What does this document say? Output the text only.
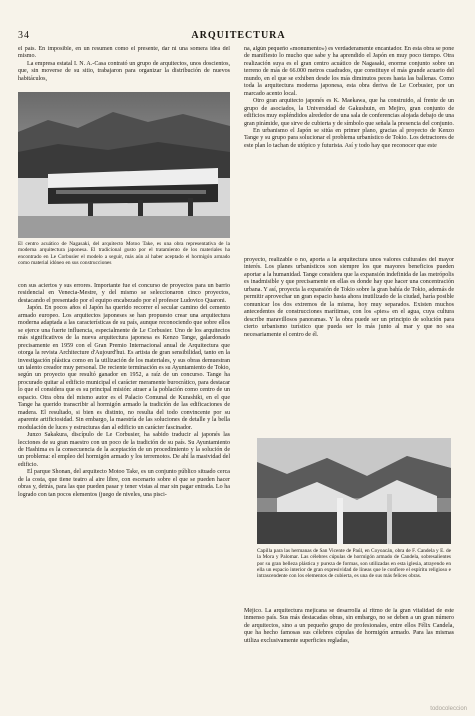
34	ARQUITECTURA

el país. En imposible, en un resumen como el presente, dar ni una somera idea del mismo.

La empresa estatal I. N. A.-Casa contrató un grupo de arquitectos, unos doscientos, que, sin moverse de su sitio, trabajaron para organizar la distribución de nuevos habitáculos,

El centro acuático de Nagasaki, del arquitecto Motoo Take, es una obra representativa de la moderna arquitectura japonesa. El tradicional gusto por el tratamiento de los materiales ha encontrado en Le Corbusier el modelo a seguir, más aún al haber aceptado el hormigón armado como material idóneo en sus construcciones

con sus aciertos y sus errores. Importante fue el concurso de proyectos para un barrio residencial en Venecia-Mestre, y del mismo se seleccionaron cinco proyectos, destacando el presentado por el equipo encabezado por el profesor Ludovico Quaroni.

Japón. En pocos años el Japón ha querido recorrer el secular camino del cemento armado europeo. Los arquitectos japoneses se han propuesto crear una arquitectura moderna adaptada a las características de su país, aunque reconociendo que sobre ellos se ejerce una fuerte influencia, especialmente de Le Corbusier. Uno de los arquitectos más significativos de la nueva arquitectura japonesa es Kenzo Tange, galardonado precisamente en 1959 con el Gran Premio Internacional anual de Arquitectura que otorga la revista Architecture d'Aujourd'hui. Es artista de gran sensibilidad, tanto en la investigación plástica como en la utilización de los materiales, y sus obras demuestran un talento creador muy personal. De reciente terminación es su Ayuntamiento de Tokio, según un proyecto que resultó ganador en 1952, a raíz de un concurso. Tange ha procurado quitar al edificio municipal el carácter meramente burocrático, para destacar lo que el considera que es su principal misión: atraer a la población como centro de un espacio. Otra obra del mismo autor es el Palacio Comunal de Kurashiki, en el que Tange ha querido transcribir al hormigón armado la tradición de las edificaciones de madera. El resultado, si bien es distinto, no resulta del todo convincente por su aparente artificiosidad. Sin embargo, la maestría de las soluciones de detalle y la bella modulación de luces y estructuras dan al edificio un carácter fascinador.

Junzo Sakakura, discípulo de Le Corbusier, ha sabido traducir al japonés las lecciones de su gran maestro con un poco de la tradición de su país. Su Ayuntamiento de Hashima es la consecuencia de la aceptación de un procedimiento y la solución de un problema: el empleo del hormigón armado y los terremotos. De ahí la masividad del edificio.

El parque Shonan, del arquitecto Motoo Take, es un conjunto público situado cerca de la costa, que tiene teatro al aire libre, con escenario sobre el que se pueden hacer obras y, detrás, para las que pueden pasar y tener vistas al mar sin pagar entrada. Lo ha logrado con tan pocos elementos (juego de niveles, una pisci-

na, algún pequeño «monumento») es verdaderamente encantador. En esta obra se pone de manifiesto lo mucho que sabe y ha aprendido el Japón en muy poco tiempo. Otra realización suya es el gran centro acuático de Nagasaki, enorme conjunto sobre un terreno de más de 66.000 metros cuadrados, que constituye el más grande acuario del mundo, en el que se exhiben desde los más diminutos peces hasta las ballenas. Como toda la arquitectura moderna japonesa, esta obra deriva de Le Corbusier, por un marcado acento local.

Otro gran arquitecto japonés es K. Maekawa, que ha construido, al frente de un grupo de asociados, la Universidad de Gakushuin, en Mejiro, gran conjunto de edificios muy espléndidos alrededor de una sala de conferencias alojada debajo de una gran pirámide, que sirve de cubierta y de símbolo que señala la presencia del conjunto.

En urbanismo el Japón se sitúa en primer plano, gracias al proyecto de Kenzo Tange y su grupo para solucionar el problema urbanístico de Tokio. Los detractores de este plan lo tachan de utópico y futurista. Así y todo hay que reconocer que este

proyecto, realizable o no, aporta a la arquitectura unos valores culturales del mayor interés. Los planes urbanísticos son siempre los que mayores beneficios pueden aportar a la humanidad. Tange considera que la expansión indefinida de las metrópolis es inadmisible y que precisamente en ellas es donde hay que hacer una concentración urbana. Y así, proyecta la expansión de Tokio sobre la gran bahía de Tokio, además de permitir aprovechar un gran espacio hasta ahora inutilizado de la ciudad, haría posible comunicar los dos extremos de la misma, hoy muy separados. Existen muchos antecedentes de construcciones marítimas, con los «pies» en el agua, cuya cultura describe maravillosos panoramas. Y la obra puede ser un principio de solución para cierto urbanismo turístico que pueda ser lo más junto al mar y que no sea necesariamente el centro de él.

Capilla para las hermanas de San Vicente de Paúl, en Coyoacán, obra de F. Candela y E. de la Mora y Palomar. Las célebres cúpulas de hormigón armado de Candela, sobresalientes por su gran belleza plástica y pureza de formas, son utilizadas en esta iglesia, atrayendo en ella un espacio interior de gran expresividad de líneas que le confiere el espíritu religioso e intrascendente con los elementos de cubierta, es una de sus más felices obras.

Méjico. La arquitectura mejicana se desarrolla al ritmo de la gran vitalidad de este inmenso país. Sus más destacadas obras, sin embargo, no se deben a un gran número de arquitectos, sino a un pequeño grupo de profesionales, entre ellos Félix Candela, que ha hecho famosas sus célebres cúpulas de hormigón armado. Para las mismas utiliza exclusivamente superficies regladas,

todocoleccion
